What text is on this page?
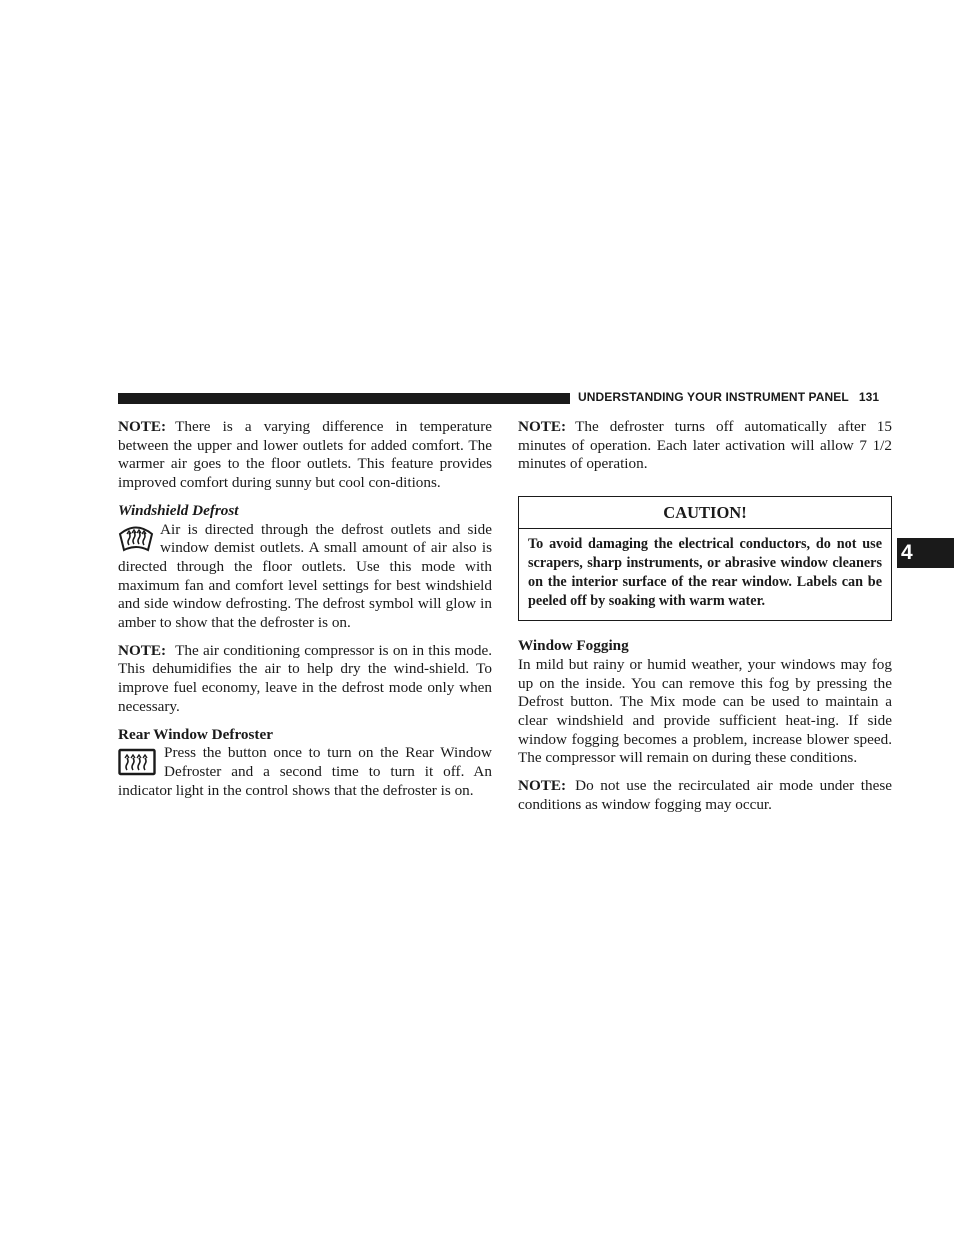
UNDERSTANDING YOUR INSTRUMENT PANEL 131
4

NOTE: There is a varying difference in temperature between the upper and lower outlets for added comfort. The warmer air goes to the floor outlets. This feature provides improved comfort during sunny but cool con-ditions.

Windshield Defrost

Air is directed through the defrost outlets and side window demist outlets. A small amount of air also is directed through the floor outlets. Use this mode with maximum fan and comfort level settings for best windshield and side window defrosting. The defrost symbol will glow in amber to show that the defroster is on.

NOTE: The air conditioning compressor is on in this mode. This dehumidifies the air to help dry the wind-shield. To improve fuel economy, leave in the defrost mode only when necessary.

Rear Window Defroster

Press the button once to turn on the Rear Window Defroster and a second time to turn it off. An indicator light in the control shows that the defroster is on.

NOTE: The defroster turns off automatically after 15 minutes of operation. Each later activation will allow 7 1/2 minutes of operation.

CAUTION!
To avoid damaging the electrical conductors, do not use scrapers, sharp instruments, or abrasive window cleaners on the interior surface of the rear window. Labels can be peeled off by soaking with warm water.
Window Fogging

In mild but rainy or humid weather, your windows may fog up on the inside. You can remove this fog by pressing the Defrost button. The Mix mode can be used to maintain a clear windshield and provide sufficient heat-ing. If side window fogging becomes a problem, increase blower speed. The compressor will remain on during these conditions.

NOTE: Do not use the recirculated air mode under these conditions as window fogging may occur.
